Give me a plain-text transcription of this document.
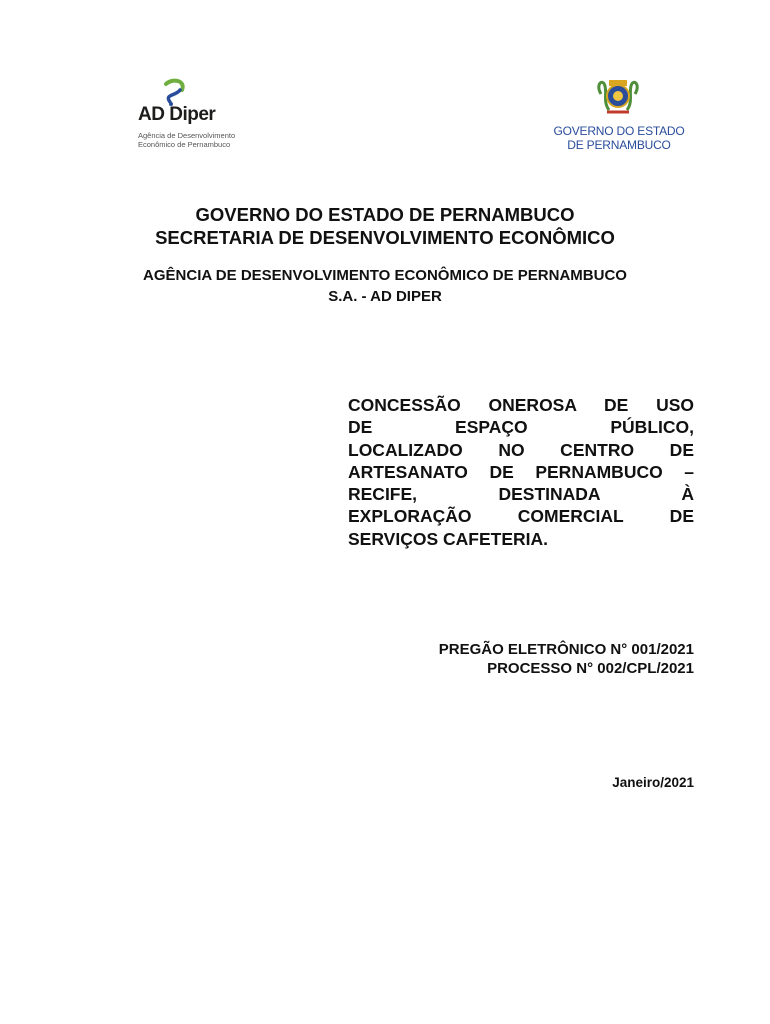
AD Diper
Agência de Desenvolvimento
Econômico de Pernambuco
GOVERNO DO ESTADO
DE PERNAMBUCO
GOVERNO DO ESTADO DE PERNAMBUCO
SECRETARIA DE DESENVOLVIMENTO ECONÔMICO
AGÊNCIA DE DESENVOLVIMENTO ECONÔMICO DE PERNAMBUCO
S.A. - AD DIPER
CONCESSÃO ONEROSA DE USO
DE ESPAÇO PÚBLICO,
LOCALIZADO NO CENTRO DE
ARTESANATO DE PERNAMBUCO –
RECIFE, DESTINADA À
EXPLORAÇÃO COMERCIAL DE
SERVIÇOS CAFETERIA.
PREGÃO ELETRÔNICO N° 001/2021
PROCESSO N° 002/CPL/2021
Janeiro/2021
